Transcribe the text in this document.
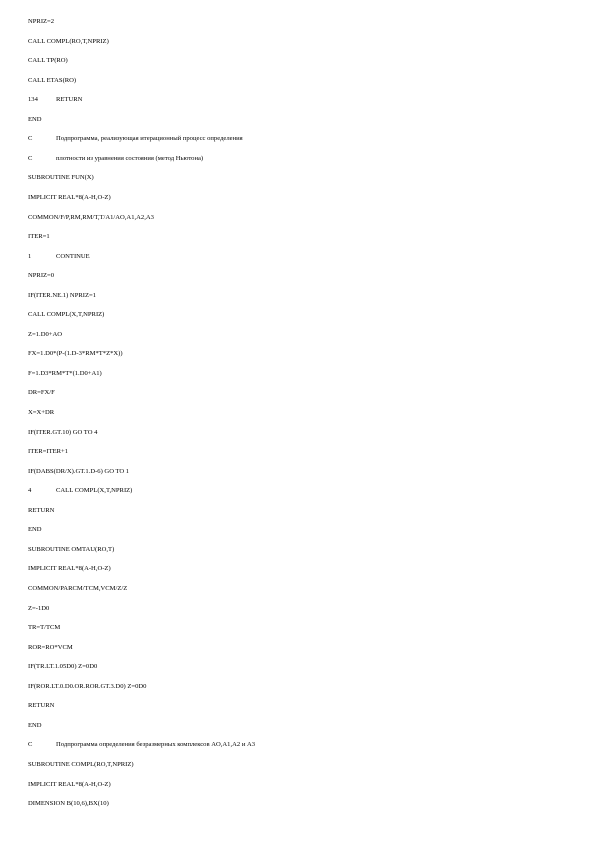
NPRIZ=2
CALL COMPL(RO,T,NPRIZ)
CALL TP(RO)
CALL ETAS(RO)
134	RETURN
END
C	Подпрограмма, реализующая итерационный процесс определения
C	плотности из уравнения состояния (метод Ньютона)
SUBROUTINE FUN(X)
IMPLICIT REAL*8(A-H,O-Z)
COMMON/F/P,RM,RM/T,T/A1/AO,A1,A2,A3
ITER=1
1	CONTINUE
NPRIZ=0
IF(ITER.NE.1) NPRIZ=1
CALL COMPL(X,T,NPRIZ)
Z=1.D0+AO
FX=1.D0*(P-(1.D-3*RM*T*Z*X))
F=1.D3*RM*T*(1.D0+A1)
DR=FX/F
X=X+DR
IF(ITER.GT.10) GO TO 4
ITER=ITER+1
IF(DABS(DR/X).GT.1.D-6) GO TO 1
4	CALL COMPL(X,T,NPRIZ)
RETURN
END
SUBROUTINE OMTAU(RO,T)
IMPLICIT REAL*8(A-H,O-Z)
COMMON/PARCM/TCM,VCM/Z/Z
Z=-1D0
TR=T/TCM
ROR=RO*VCM
IF(TR.LT.1.05D0) Z=0D0
IF(ROR.LT.0.D0.OR.ROR.GT.3.D0) Z=0D0
RETURN
END
C	Подпрограмма определения безразмерных комплексов AO,A1,A2 и A3
SUBROUTINE COMPL(RO,T,NPRIZ)
IMPLICIT REAL*8(A-H,O-Z)
DIMENSION B(10,6),BX(10)
